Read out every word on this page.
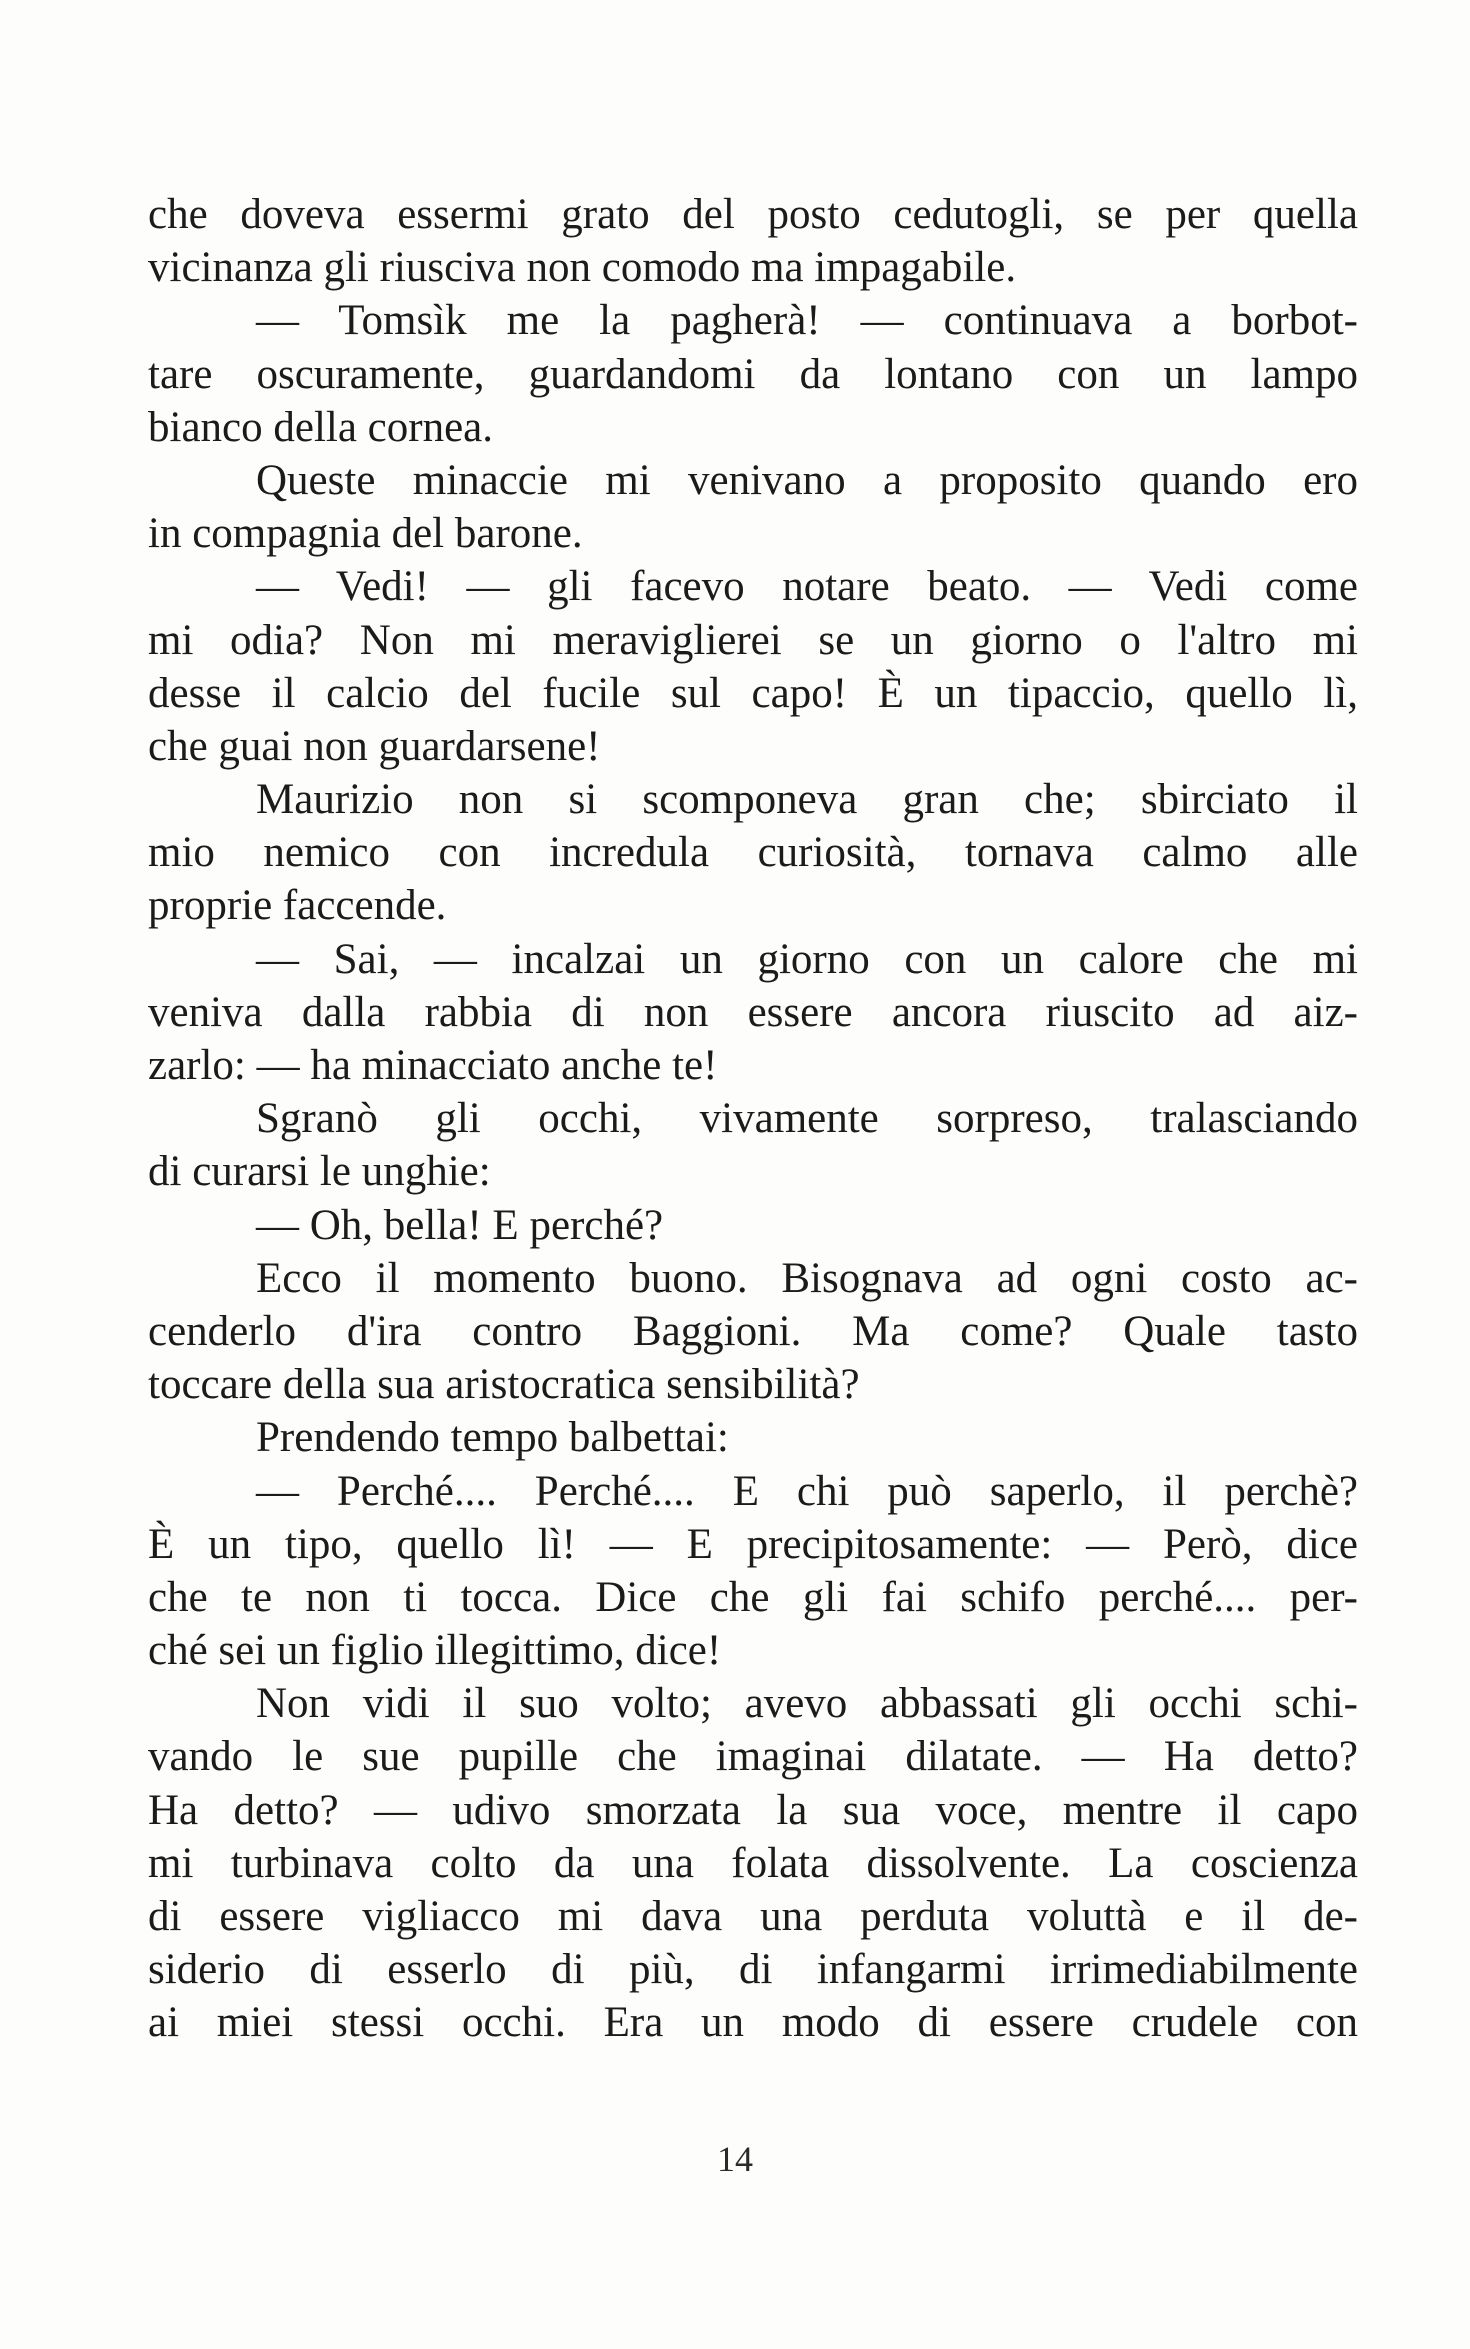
che doveva essermi grato del posto cedutogli, se per quella
vicinanza gli riusciva non comodo ma impagabile.
— Tomsìk me la pagherà! — continuava a borbot-
tare oscuramente, guardandomi da lontano con un lampo
bianco della cornea.
Queste minaccie mi venivano a proposito quando ero
in compagnia del barone.
— Vedi! — gli facevo notare beato. — Vedi come
mi odia? Non mi meraviglierei se un giorno o l'altro mi
desse il calcio del fucile sul capo! È un tipaccio, quello lì,
che guai non guardarsene!
Maurizio non si scomponeva gran che; sbirciato il
mio nemico con incredula curiosità, tornava calmo alle
proprie faccende.
— Sai, — incalzai un giorno con un calore che mi
veniva dalla rabbia di non essere ancora riuscito ad aiz-
zarlo: — ha minacciato anche te!
Sgranò gli occhi, vivamente sorpreso, tralasciando
di curarsi le unghie:
— Oh, bella! E perché?
Ecco il momento buono. Bisognava ad ogni costo ac-
cenderlo d'ira contro Baggioni. Ma come? Quale tasto
toccare della sua aristocratica sensibilità?
Prendendo tempo balbettai:
— Perché.... Perché.... E chi può saperlo, il perchè?
È un tipo, quello lì! — E precipitosamente: — Però, dice
che te non ti tocca. Dice che gli fai schifo perché.... per-
ché sei un figlio illegittimo, dice!
Non vidi il suo volto; avevo abbassati gli occhi schi-
vando le sue pupille che imaginai dilatate. — Ha detto?
Ha detto? — udivo smorzata la sua voce, mentre il capo
mi turbinava colto da una folata dissolvente. La coscienza
di essere vigliacco mi dava una perduta voluttà e il de-
siderio di esserlo di più, di infangarmi irrimediabilmente
ai miei stessi occhi. Era un modo di essere crudele con
14
